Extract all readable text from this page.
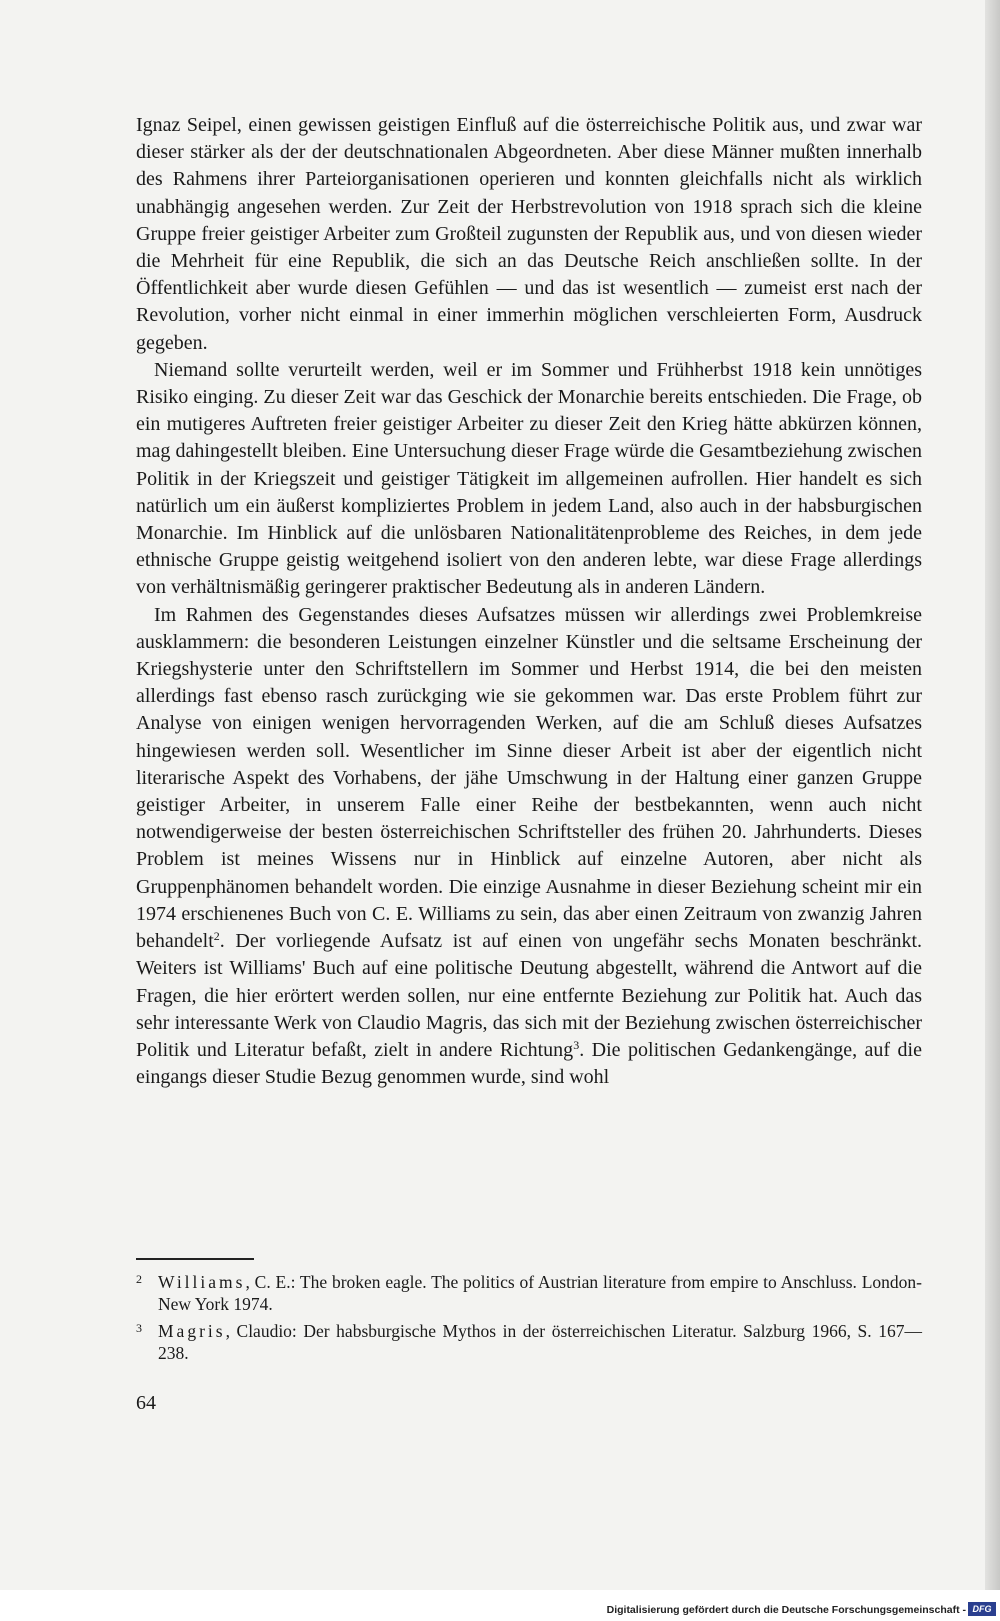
Ignaz Seipel, einen gewissen geistigen Einfluß auf die österreichische Politik aus, und zwar war dieser stärker als der der deutschnationalen Abgeordneten. Aber diese Männer mußten innerhalb des Rahmens ihrer Parteiorganisationen operieren und konnten gleichfalls nicht als wirklich unabhängig angesehen werden. Zur Zeit der Herbstrevolution von 1918 sprach sich die kleine Gruppe freier geistiger Arbeiter zum Großteil zugunsten der Republik aus, und von diesen wieder die Mehrheit für eine Republik, die sich an das Deutsche Reich anschließen sollte. In der Öffentlichkeit aber wurde diesen Gefühlen — und das ist wesentlich — zumeist erst nach der Revolution, vorher nicht einmal in einer immerhin möglichen verschleierten Form, Ausdruck gegeben.

Niemand sollte verurteilt werden, weil er im Sommer und Frühherbst 1918 kein unnötiges Risiko einging. Zu dieser Zeit war das Geschick der Monarchie bereits entschieden. Die Frage, ob ein mutigeres Auftreten freier geistiger Arbeiter zu dieser Zeit den Krieg hätte abkürzen können, mag dahingestellt bleiben. Eine Untersuchung dieser Frage würde die Gesamtbeziehung zwischen Politik in der Kriegszeit und geistiger Tätigkeit im allgemeinen aufrollen. Hier handelt es sich natürlich um ein äußerst kompliziertes Problem in jedem Land, also auch in der habsburgischen Monarchie. Im Hinblick auf die unlösbaren Nationalitätenprobleme des Reiches, in dem jede ethnische Gruppe geistig weitgehend isoliert von den anderen lebte, war diese Frage allerdings von verhältnismäßig geringerer praktischer Bedeutung als in anderen Ländern.

Im Rahmen des Gegenstandes dieses Aufsatzes müssen wir allerdings zwei Problemkreise ausklammern: die besonderen Leistungen einzelner Künstler und die seltsame Erscheinung der Kriegshysterie unter den Schriftstellern im Sommer und Herbst 1914, die bei den meisten allerdings fast ebenso rasch zurückging wie sie gekommen war. Das erste Problem führt zur Analyse von einigen wenigen hervorragenden Werken, auf die am Schluß dieses Aufsatzes hingewiesen werden soll. Wesentlicher im Sinne dieser Arbeit ist aber der eigentlich nicht literarische Aspekt des Vorhabens, der jähe Umschwung in der Haltung einer ganzen Gruppe geistiger Arbeiter, in unserem Falle einer Reihe der bestbekannten, wenn auch nicht notwendigerweise der besten österreichischen Schriftsteller des frühen 20. Jahrhunderts. Dieses Problem ist meines Wissens nur in Hinblick auf einzelne Autoren, aber nicht als Gruppenphänomen behandelt worden. Die einzige Ausnahme in dieser Beziehung scheint mir ein 1974 erschienenes Buch von C. E. Williams zu sein, das aber einen Zeitraum von zwanzig Jahren behandelt$^2$. Der vorliegende Aufsatz ist auf einen von ungefähr sechs Monaten beschränkt. Weiters ist Williams' Buch auf eine politische Deutung abgestellt, während die Antwort auf die Fragen, die hier erörtert werden sollen, nur eine entfernte Beziehung zur Politik hat. Auch das sehr interessante Werk von Claudio Magris, das sich mit der Beziehung zwischen österreichischer Politik und Literatur befaßt, zielt in andere Richtung$^3$. Die politischen Gedankengänge, auf die eingangs dieser Studie Bezug genommen wurde, sind wohl

2 Williams, C. E.: The broken eagle. The politics of Austrian literature from empire to Anschluss. London-New York 1974.

3 Magris, Claudio: Der habsburgische Mythos in der österreichischen Literatur. Salzburg 1966, S. 167—238.

64
Digitalisierung gefördert durch die Deutsche Forschungsgemeinschaft - DFG
